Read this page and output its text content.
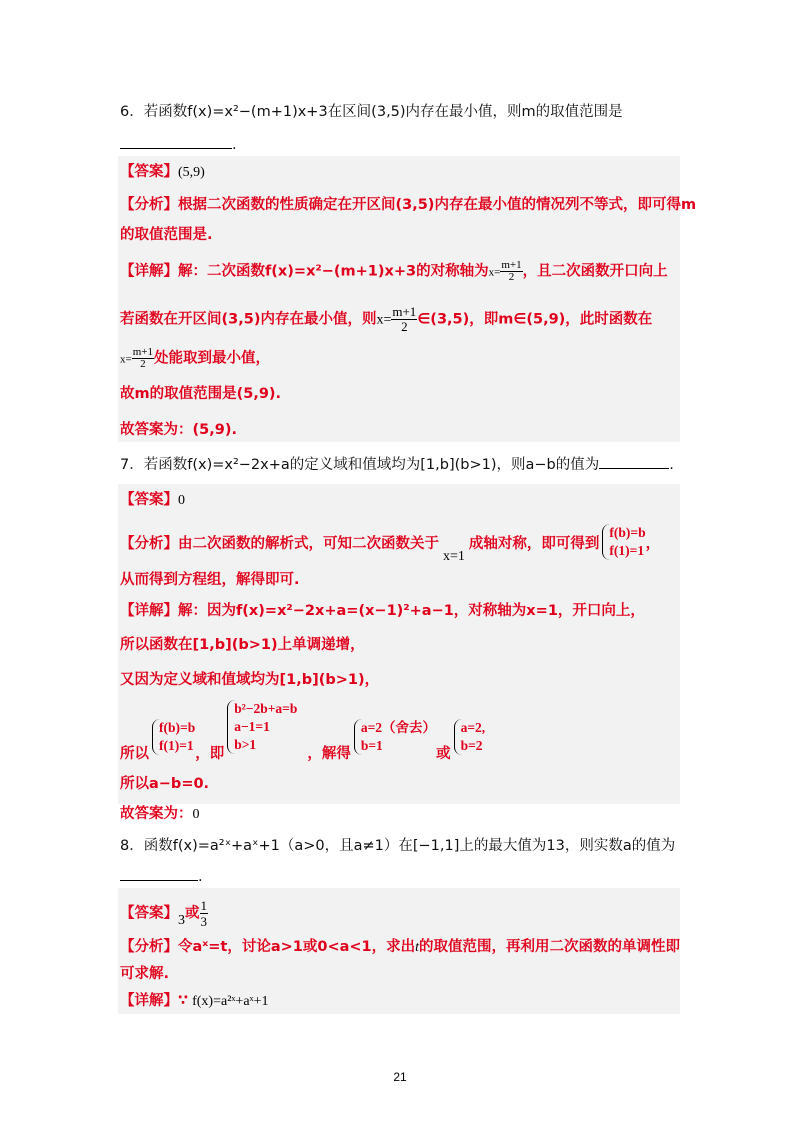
6．若函数f(x)=x²−(m+1)x+3在区间(3,5)内存在最小值，则m的取值范围是
.
【答案】(5,9)
【分析】根据二次函数的性质确定在开区间(3,5)内存在最小值的情况列不等式，即可得m
的取值范围是.
【详解】解：二次函数f(x)=x²−(m+1)x+3的对称轴为$x= \frac{m+1}{2}$ ，且二次函数开口向上
若函数在开区间(3,5)内存在最小值，则$x= \frac{m+1}{2}$ ∈(3,5)，即m∈(5,9)，此时函数在
$x= \frac{m+1}{2}$ 处能取到最小值，
故m的取值范围是(5,9).
故答案为：(5,9).
7．若函数f(x)=x²−2x+a的定义域和值域均为[1,b](b>1)，则a−b的值为	.
【答案】0
【分析】由二次函数的解析式，可知二次函数关于x=1成轴对称，即可得到
f(b)=b
f(1)=1 ，
从而得到方程组，解得即可.
【详解】解：因为f(x)=x²−2x+a=(x−1)²+a−1，对称轴为x=1，开口向上，
所以函数在[1,b](b>1)上单调递增，
又因为定义域和值域均为[1,b](b>1)，
所以
f(b)=b
f(1)=1
，即
b²−2b+a=b
a−1=1
b>1
，解得
a=2（舍去）
b=1
或
a=2,
b=2
所以a−b=0.
故答案为：0
8．函数f(x)=a²ˣ+aˣ+1（a>0，且a≠1）在[−1,1]上的最大值为13，则实数a的值为
.
【答案】3或 $\frac{1}{3}$
【分析】令aˣ=t，讨论a>1或0<a<1，求出t的取值范围，再利用二次函数的单调性即
可求解.
【详解】∵ f(x)=a²ˣ+aˣ+1
21
